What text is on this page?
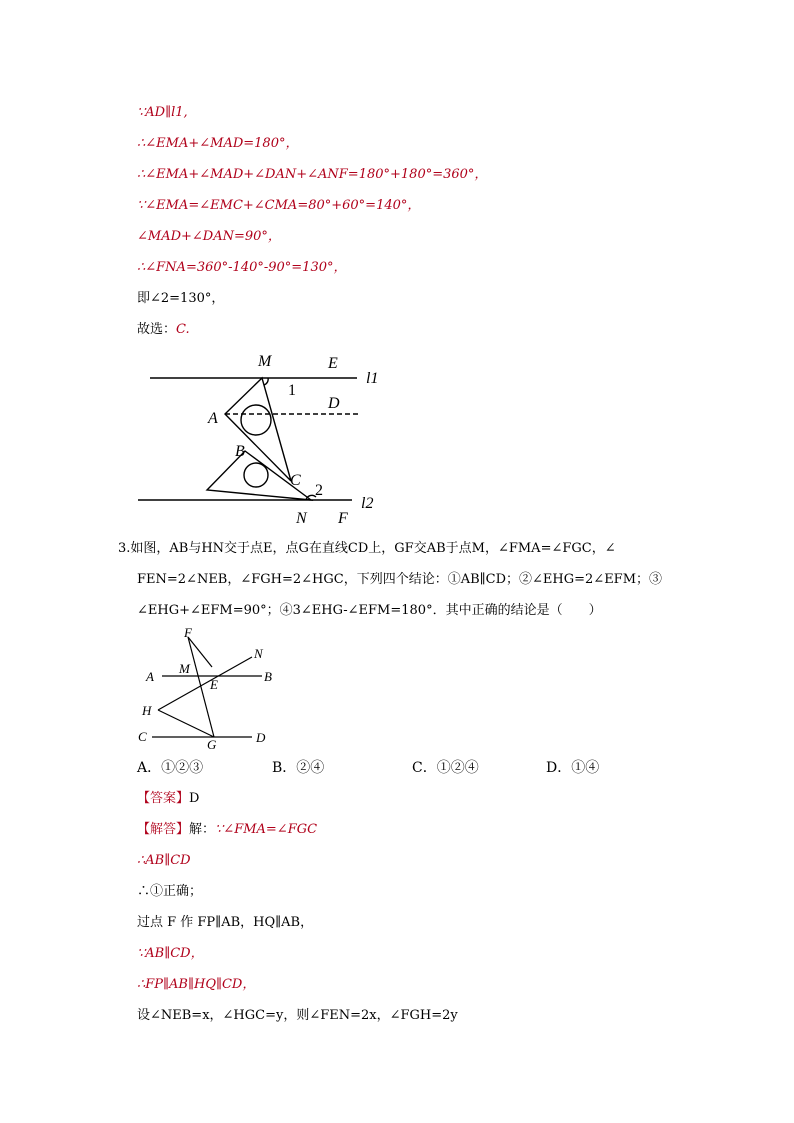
∵AD∥l1,
∴∠EMA+∠MAD=180°，
∴∠EMA+∠MAD+∠DAN+∠ANF=180°+180°=360°，
∵∠EMA=∠EMC+∠CMA=80°+60°=140°，
∠MAD+∠DAN=90°，
∴∠FNA=360°-140°-90°=130°，
即∠2=130°，
故选：C.
M	E
l1
1
A
D
B
C
2
N F
l2
3.如图，AB与HN交于点E，点G在直线CD上，GF交AB于点M，∠FMA=∠FGC，∠
FEN=2∠NEB，∠FGH=2∠HGC，下列四个结论：①AB∥CD；②∠EHG=2∠EFM；③
∠EHG+∠EFM=90°；④3∠EHG-∠EFM=180°．其中正确的结论是（　　）
F
N
M
A
E
B
H
C
G	D
A．①②③	B．②④	C．①②④	D．①④
【答案】D
【解答】解：∵∠FMA=∠FGC
∴AB∥CD
∴①正确；
过点 F 作 FP∥AB，HQ∥AB，
∵AB∥CD，
∴FP∥AB∥HQ∥CD，
设∠NEB=x，∠HGC=y，则∠FEN=2x，∠FGH=2y
